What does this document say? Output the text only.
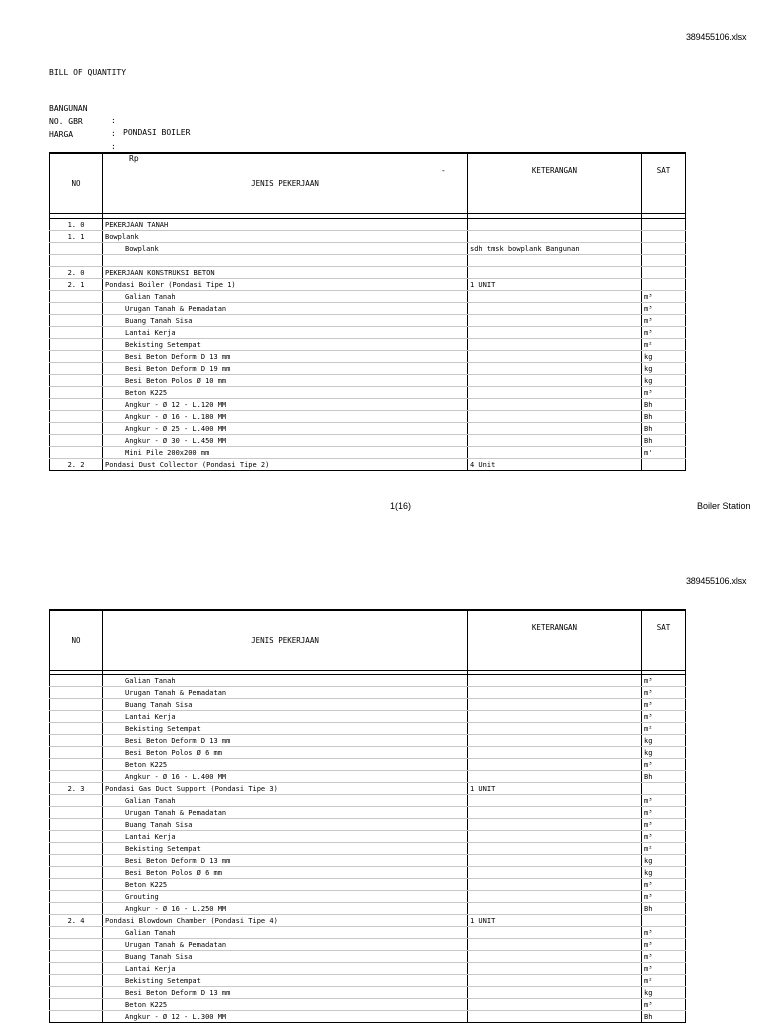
389455106.xlsx
BILL OF QUANTITY

BANGUNAN

:

PONDASI BOILER

NO. GBR

:

HARGA

:

Rp

-

NO	JENIS PEKERJAAN	KETERANGAN	SAT

1. 0	PEKERJAAN TANAH		
1. 1	Bowplank		
	Bowplank	sdh tmsk bowplank Bangunan	

2. 0	PEKERJAAN KONSTRUKSI BETON		
2. 1	Pondasi Boiler (Pondasi Tipe 1)	1 UNIT	
	Galian Tanah		m³
	Urugan Tanah & Pemadatan		m³
	Buang Tanah Sisa		m³
	Lantai Kerja		m³
	Bekisting Setempat		m²
	Besi Beton Deform D 13 mm		kg
	Besi Beton Deform D 19 mm		kg
	Besi Beton Polos Ø 10 mm		kg
	Beton K225		m³
	Angkur - Ø 12 - L.120 MM		Bh
	Angkur - Ø 16 - L.180 MM		Bh
	Angkur - Ø 25 - L.400 MM		Bh
	Angkur - Ø 30 - L.450 MM		Bh
	Mini Pile 200x200 mm		m'
2. 2	Pondasi Dust Collector (Pondasi Tipe 2)	4 Unit	
1(16)	Boiler Station
389455106.xlsx
NO	JENIS PEKERJAAN	KETERANGAN	SAT

	Galian Tanah		m³
	Urugan Tanah & Pemadatan		m³
	Buang Tanah Sisa		m³
	Lantai Kerja		m³
	Bekisting Setempat		m²
	Besi Beton Deform D 13 mm		kg
	Besi Beton Polos Ø 6 mm		kg
	Beton K225		m³
	Angkur - Ø 16 - L.400 MM		Bh
2. 3	Pondasi Gas Duct Support (Pondasi Tipe 3)	1 UNIT	
	Galian Tanah		m³
	Urugan Tanah & Pemadatan		m³
	Buang Tanah Sisa		m³
	Lantai Kerja		m³
	Bekisting Setempat		m²
	Besi Beton Deform D 13 mm		kg
	Besi Beton Polos Ø 6 mm		kg
	Beton K225		m³
	Grouting		m³
	Angkur - Ø 16 - L.250 MM		Bh
2. 4	Pondasi Blowdown Chamber (Pondasi Tipe 4)	1 UNIT	
	Galian Tanah		m³
	Urugan Tanah & Pemadatan		m³
	Buang Tanah Sisa		m³
	Lantai Kerja		m³
	Bekisting Setempat		m²
	Besi Beton Deform D 13 mm		kg
	Beton K225		m³
	Angkur - Ø 12 - L.300 MM		Bh
